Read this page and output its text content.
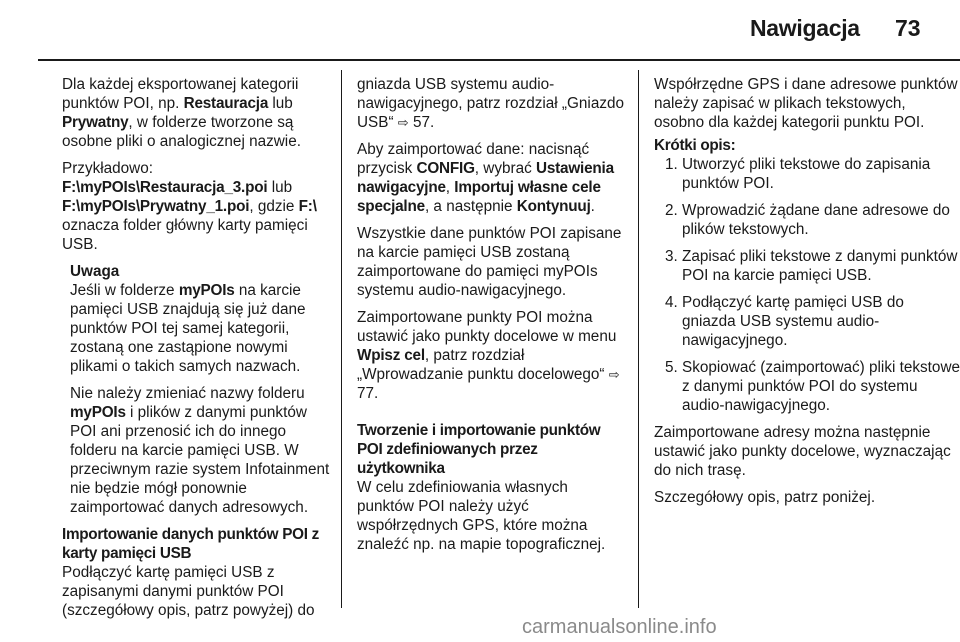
Nawigacja 73

Dla każdej eksportowanej kategorii punktów POI, np. Restauracja lub Prywatny, w folderze tworzone są osobne pliki o analogicznej nazwie.

Przykładowo:
F:\myPOIs\Restauracja_3.poi lub
F:\myPOIs\Prywatny_1.poi, gdzie F:\ oznacza folder główny karty pamięci USB.

Uwaga

Jeśli w folderze myPOIs na karcie pamięci USB znajdują się już dane punktów POI tej samej kategorii, zostaną one zastąpione nowymi plikami o takich samych nazwach.

Nie należy zmieniać nazwy folderu myPOIs i plików z danymi punktów POI ani przenosić ich do innego folderu na karcie pamięci USB. W przeciwnym razie system Infotainment nie będzie mógł ponownie zaimportować danych adresowych.

Importowanie danych punktów POI z karty pamięci USB

Podłączyć kartę pamięci USB z zapisanymi danymi punktów POI (szczegółowy opis, patrz powyżej) do

gniazda USB systemu audio-nawigacyjnego, patrz rozdział „Gniazdo USB“ ⇨ 57.

Aby zaimportować dane: nacisnąć przycisk CONFIG, wybrać Ustawienia nawigacyjne, Importuj własne cele specjalne, a następnie Kontynuuj.

Wszystkie dane punktów POI zapisane na karcie pamięci USB zostaną zaimportowane do pamięci myPOIs systemu audio-nawigacyjnego.

Zaimportowane punkty POI można ustawić jako punkty docelowe w menu Wpisz cel, patrz rozdział „Wprowadzanie punktu docelowego“ ⇨ 77.

Tworzenie i importowanie punktów POI zdefiniowanych przez użytkownika

W celu zdefiniowania własnych punktów POI należy użyć współrzędnych GPS, które można znaleźć np. na mapie topograficznej.

Współrzędne GPS i dane adresowe punktów należy zapisać w plikach tekstowych, osobno dla każdej kategorii punktu POI.

Krótki opis:

1. Utworzyć pliki tekstowe do zapisania punktów POI.
2. Wprowadzić żądane dane adresowe do plików tekstowych.
3. Zapisać pliki tekstowe z danymi punktów POI na karcie pamięci USB.
4. Podłączyć kartę pamięci USB do gniazda USB systemu audio-nawigacyjnego.
5. Skopiować (zaimportować) pliki tekstowe z danymi punktów POI do systemu audio-nawigacyjnego.

Zaimportowane adresy można następnie ustawić jako punkty docelowe, wyznaczając do nich trasę.

Szczegółowy opis, patrz poniżej.

carmanualsonline.info
